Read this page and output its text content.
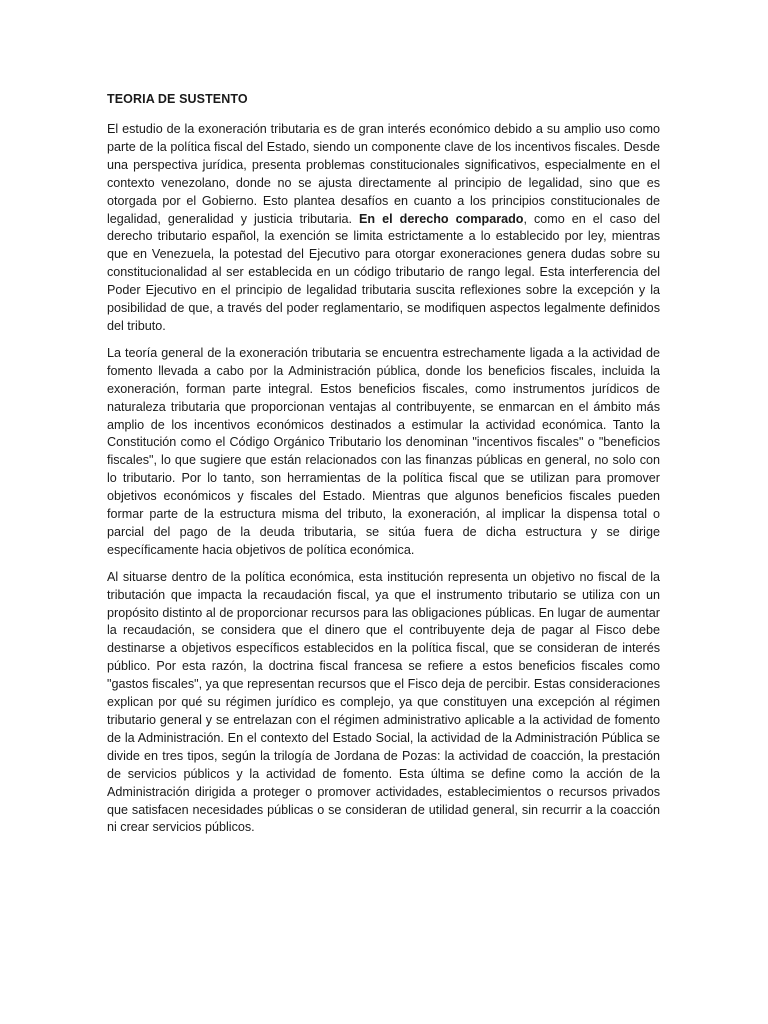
TEORIA DE SUSTENTO

El estudio de la exoneración tributaria es de gran interés económico debido a su amplio uso como parte de la política fiscal del Estado, siendo un componente clave de los incentivos fiscales. Desde una perspectiva jurídica, presenta problemas constitucionales significativos, especialmente en el contexto venezolano, donde no se ajusta directamente al principio de legalidad, sino que es otorgada por el Gobierno. Esto plantea desafíos en cuanto a los principios constitucionales de legalidad, generalidad y justicia tributaria. En el derecho comparado, como en el caso del derecho tributario español, la exención se limita estrictamente a lo establecido por ley, mientras que en Venezuela, la potestad del Ejecutivo para otorgar exoneraciones genera dudas sobre su constitucionalidad al ser establecida en un código tributario de rango legal. Esta interferencia del Poder Ejecutivo en el principio de legalidad tributaria suscita reflexiones sobre la excepción y la posibilidad de que, a través del poder reglamentario, se modifiquen aspectos legalmente definidos del tributo.

La teoría general de la exoneración tributaria se encuentra estrechamente ligada a la actividad de fomento llevada a cabo por la Administración pública, donde los beneficios fiscales, incluida la exoneración, forman parte integral. Estos beneficios fiscales, como instrumentos jurídicos de naturaleza tributaria que proporcionan ventajas al contribuyente, se enmarcan en el ámbito más amplio de los incentivos económicos destinados a estimular la actividad económica. Tanto la Constitución como el Código Orgánico Tributario los denominan "incentivos fiscales" o "beneficios fiscales", lo que sugiere que están relacionados con las finanzas públicas en general, no solo con lo tributario. Por lo tanto, son herramientas de la política fiscal que se utilizan para promover objetivos económicos y fiscales del Estado. Mientras que algunos beneficios fiscales pueden formar parte de la estructura misma del tributo, la exoneración, al implicar la dispensa total o parcial del pago de la deuda tributaria, se sitúa fuera de dicha estructura y se dirige específicamente hacia objetivos de política económica.

Al situarse dentro de la política económica, esta institución representa un objetivo no fiscal de la tributación que impacta la recaudación fiscal, ya que el instrumento tributario se utiliza con un propósito distinto al de proporcionar recursos para las obligaciones públicas. En lugar de aumentar la recaudación, se considera que el dinero que el contribuyente deja de pagar al Fisco debe destinarse a objetivos específicos establecidos en la política fiscal, que se consideran de interés público. Por esta razón, la doctrina fiscal francesa se refiere a estos beneficios fiscales como "gastos fiscales", ya que representan recursos que el Fisco deja de percibir. Estas consideraciones explican por qué su régimen jurídico es complejo, ya que constituyen una excepción al régimen tributario general y se entrelazan con el régimen administrativo aplicable a la actividad de fomento de la Administración. En el contexto del Estado Social, la actividad de la Administración Pública se divide en tres tipos, según la trilogía de Jordana de Pozas: la actividad de coacción, la prestación de servicios públicos y la actividad de fomento. Esta última se define como la acción de la Administración dirigida a proteger o promover actividades, establecimientos o recursos privados que satisfacen necesidades públicas o se consideran de utilidad general, sin recurrir a la coacción ni crear servicios públicos.
